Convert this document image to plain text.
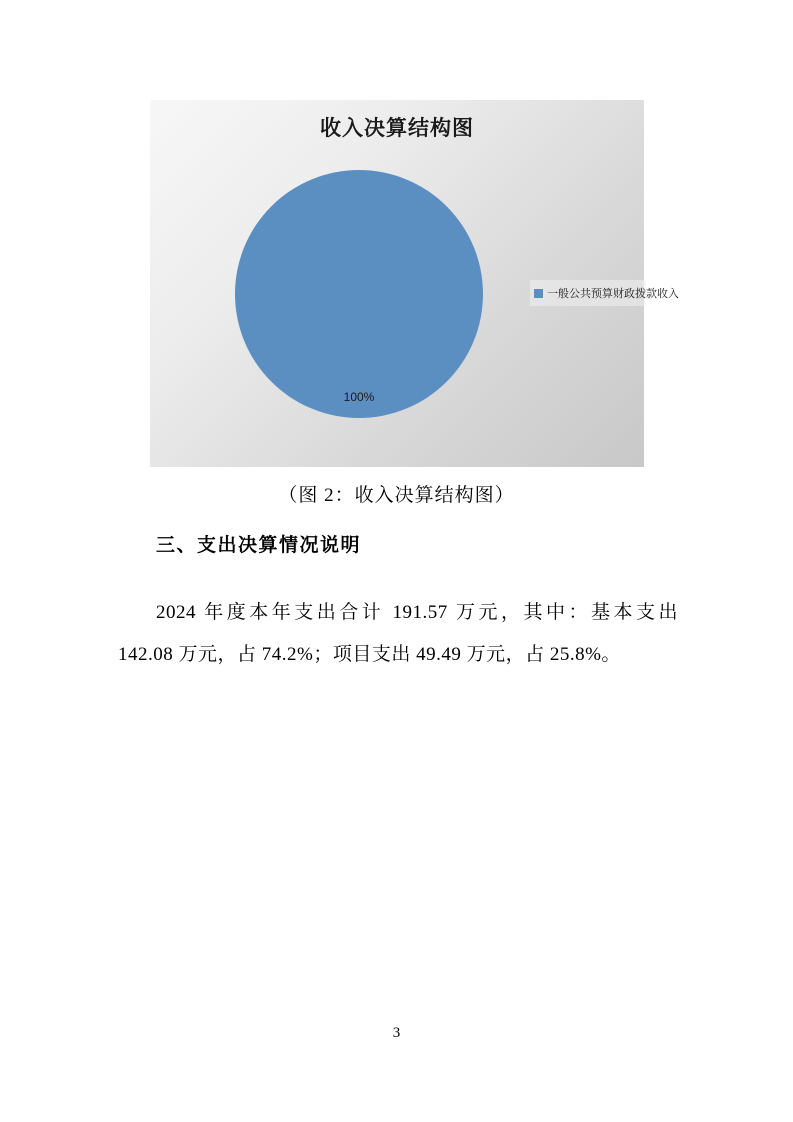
收入决算结构图
100%
一般公共预算财政拨款收入
（图 2：收入决算结构图）
三、支出决算情况说明
2024 年度本年支出合计 191.57 万元，其中：基本支出 142.08 万元，占 74.2%；项目支出 49.49 万元，占 25.8%。
3
